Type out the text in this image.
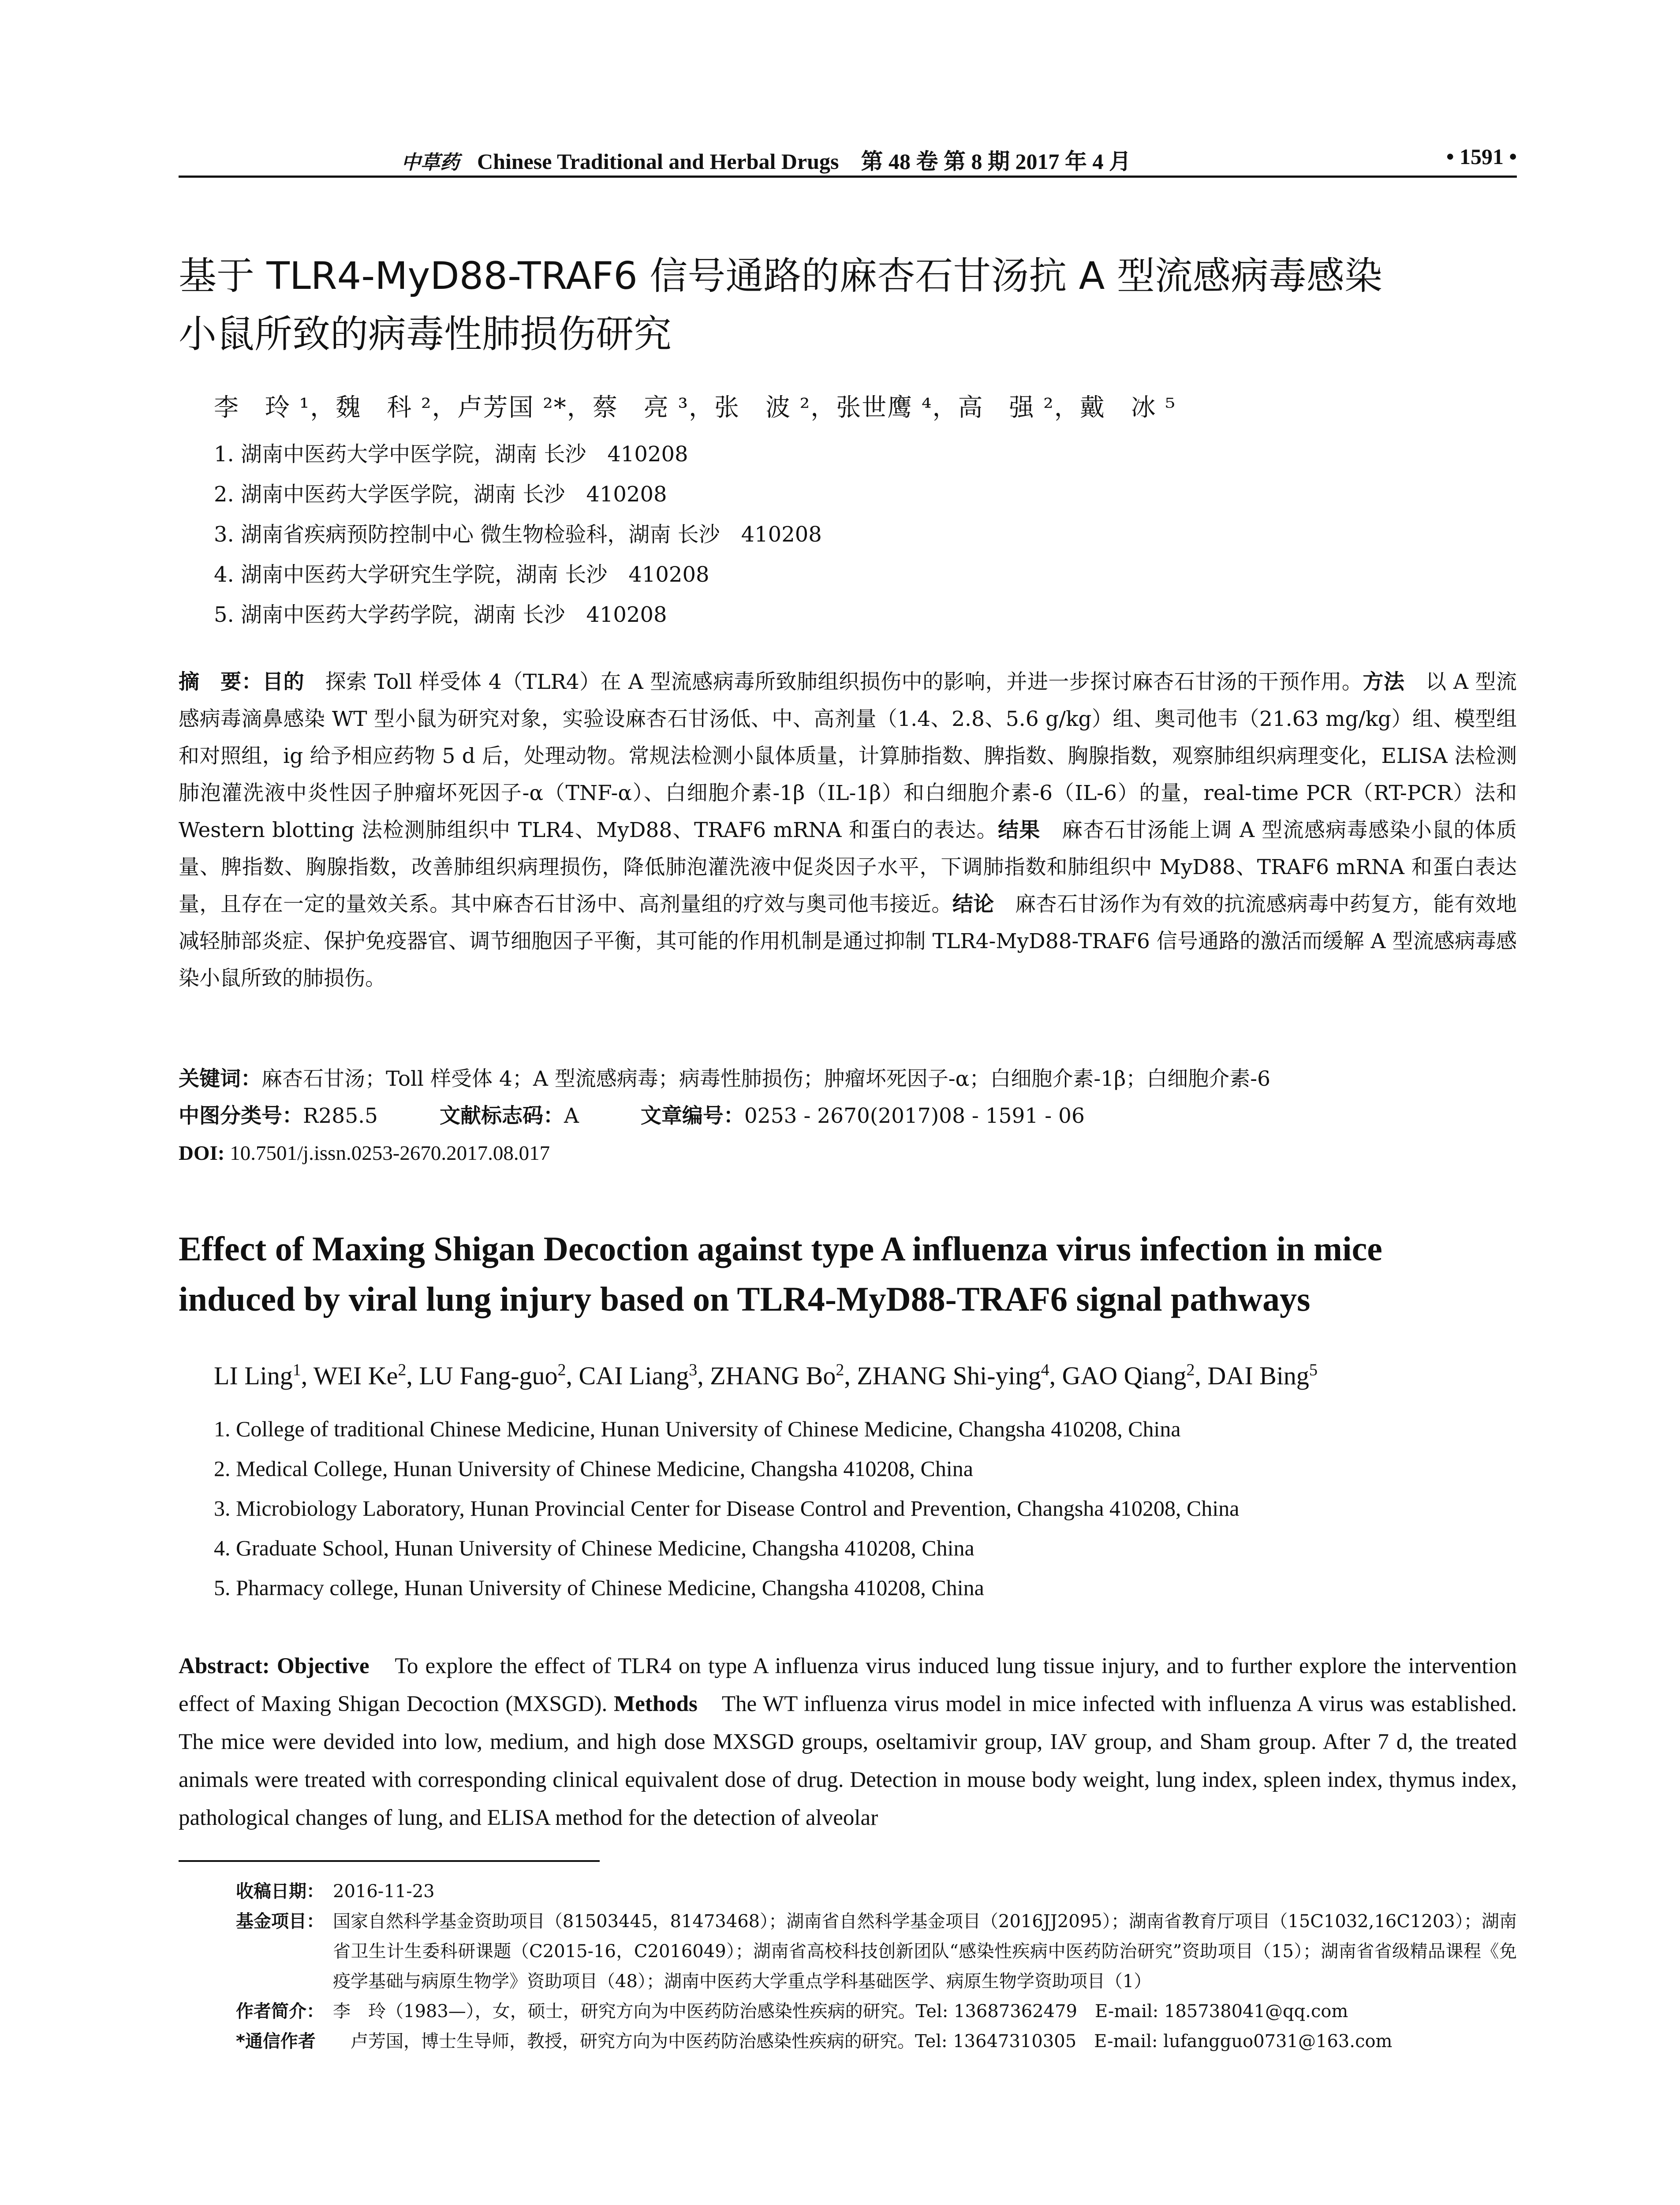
中草药 Chinese Traditional and Herbal Drugs　第 48 卷 第 8 期 2017 年 4 月	• 1591 •
基于 TLR4-MyD88-TRAF6 信号通路的麻杏石甘汤抗 A 型流感病毒感染
小鼠所致的病毒性肺损伤研究
李　玲 ¹，魏　科 ²，卢芳国 ²*，蔡　亮 ³，张　波 ²，张世鹰 ⁴，高　强 ²，戴　冰 ⁵
1. 湖南中医药大学中医学院，湖南 长沙　410208
2. 湖南中医药大学医学院，湖南 长沙　410208
3. 湖南省疾病预防控制中心 微生物检验科，湖南 长沙　410208
4. 湖南中医药大学研究生学院，湖南 长沙　410208
5. 湖南中医药大学药学院，湖南 长沙　410208

摘　要：目的　探索 Toll 样受体 4（TLR4）在 A 型流感病毒所致肺组织损伤中的影响，并进一步探讨麻杏石甘汤的干预作用。方法　以 A 型流感病毒滴鼻感染 WT 型小鼠为研究对象，实验设麻杏石甘汤低、中、高剂量（1.4、2.8、5.6 g/kg）组、奥司他韦（21.63 mg/kg）组、模型组和对照组，ig 给予相应药物 5 d 后，处理动物。常规法检测小鼠体质量，计算肺指数、脾指数、胸腺指数，观察肺组织病理变化，ELISA 法检测肺泡灌洗液中炎性因子肿瘤坏死因子-α（TNF-α）、白细胞介素-1β（IL-1β）和白细胞介素-6（IL-6）的量，real-time PCR（RT-PCR）法和 Western blotting 法检测肺组织中 TLR4、MyD88、TRAF6 mRNA 和蛋白的表达。结果　麻杏石甘汤能上调 A 型流感病毒感染小鼠的体质量、脾指数、胸腺指数，改善肺组织病理损伤，降低肺泡灌洗液中促炎因子水平，下调肺指数和肺组织中 MyD88、TRAF6 mRNA 和蛋白表达量，且存在一定的量效关系。其中麻杏石甘汤中、高剂量组的疗效与奥司他韦接近。结论　麻杏石甘汤作为有效的抗流感病毒中药复方，能有效地减轻肺部炎症、保护免疫器官、调节细胞因子平衡，其可能的作用机制是通过抑制 TLR4-MyD88-TRAF6 信号通路的激活而缓解 A 型流感病毒感染小鼠所致的肺损伤。

关键词：麻杏石甘汤；Toll 样受体 4；A 型流感病毒；病毒性肺损伤；肿瘤坏死因子-α；白细胞介素-1β；白细胞介素-6
中图分类号：R285.5	文献标志码：A	文章编号：0253 - 2670(2017)08 - 1591 - 06
DOI: 10.7501/j.issn.0253-2670.2017.08.017
Effect of Maxing Shigan Decoction against type A influenza virus infection in mice
induced by viral lung injury based on TLR4-MyD88-TRAF6 signal pathways
LI Ling$^1$, WEI Ke$^2$, LU Fang-guo$^2$, CAI Liang$^3$, ZHANG Bo$^2$, ZHANG Shi-ying$^4$, GAO Qiang$^2$, DAI Bing$^5$
1. College of traditional Chinese Medicine, Hunan University of Chinese Medicine, Changsha 410208, China
2. Medical College, Hunan University of Chinese Medicine, Changsha 410208, China
3. Microbiology Laboratory, Hunan Provincial Center for Disease Control and Prevention, Changsha 410208, China
4. Graduate School, Hunan University of Chinese Medicine, Changsha 410208, China
5. Pharmacy college, Hunan University of Chinese Medicine, Changsha 410208, China

Abstract: Objective　To explore the effect of TLR4 on type A influenza virus induced lung tissue injury, and to further explore the intervention effect of Maxing Shigan Decoction (MXSGD). Methods　The WT influenza virus model in mice infected with influenza A virus was established. The mice were devided into low, medium, and high dose MXSGD groups, oseltamivir group, IAV group, and Sham group. After 7 d, the treated animals were treated with corresponding clinical equivalent dose of drug. Detection in mouse body weight, lung index, spleen index, thymus index, pathological changes of lung, and ELISA method for the detection of alveolar

收稿日期： 2016-11-23
基金项目： 国家自然科学基金资助项目（81503445，81473468）；湖南省自然科学基金项目（2016JJ2095）；湖南省教育厅项目（15C1032,16C1203）；湖南省卫生计生委科研课题（C2015-16，C2016049）；湖南省高校科技创新团队“感染性疾病中医药防治研究”资助项目（15）；湖南省省级精品课程《免疫学基础与病原生物学》资助项目（48）；湖南中医药大学重点学科基础医学、病原生物学资助项目（1）
作者简介： 李　玲（1983—），女，硕士，研究方向为中医药防治感染性疾病的研究。Tel: 13687362479　E-mail: 185738041@qq.com
*通信作者 　卢芳国，博士生导师，教授，研究方向为中医药防治感染性疾病的研究。Tel: 13647310305　E-mail: lufangguo0731@163.com
